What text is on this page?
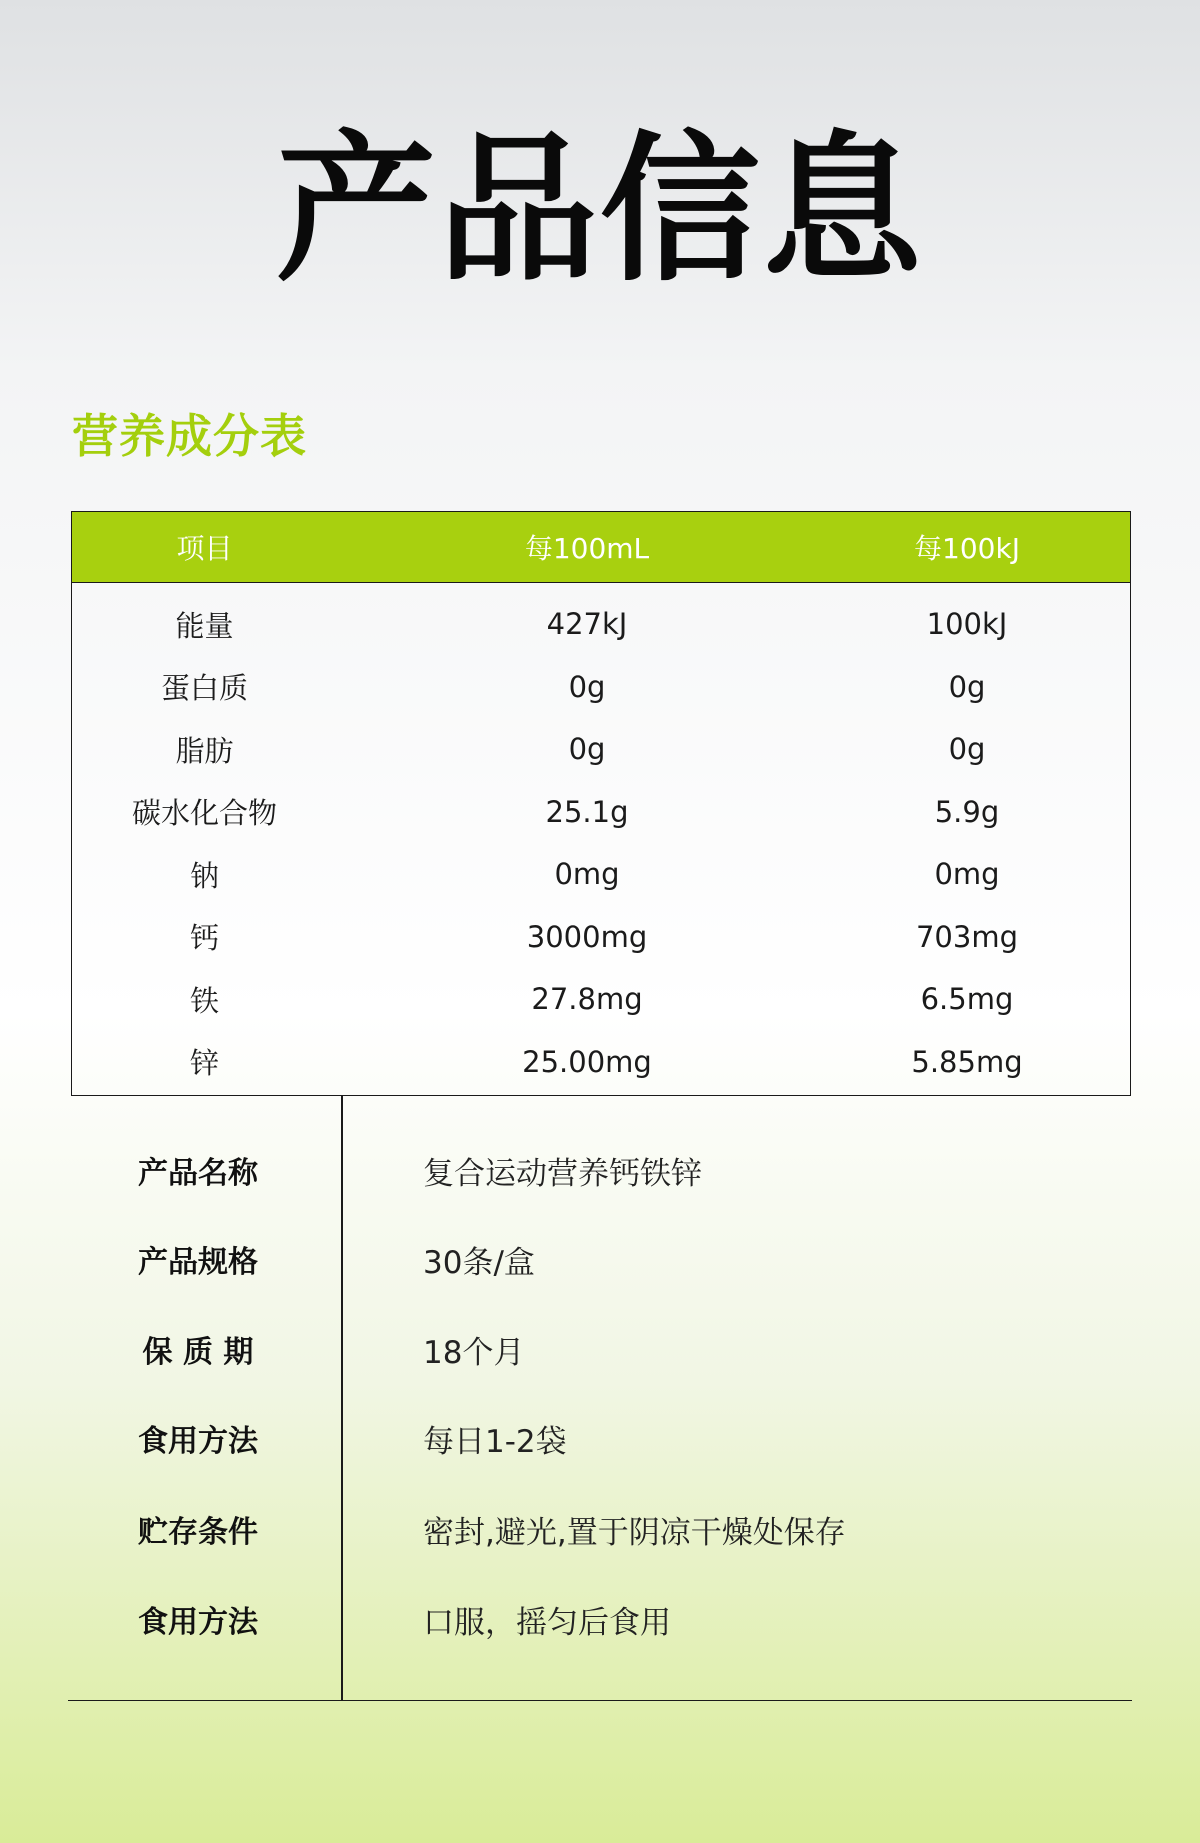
产品信息
营养成分表
项目	每100mL	每100kJ
能量	427kJ	100kJ
蛋白质	0g	0g
脂肪	0g	0g
碳水化合物	25.1g	5.9g
钠	0mg	0mg
钙	3000mg	703mg
铁	27.8mg	6.5mg
锌	25.00mg	5.85mg
产品名称	复合运动营养钙铁锌
产品规格	30条/盒
保 质 期	18个月
食用方法	每日1-2袋
贮存条件	密封,避光,置于阴凉干燥处保存
食用方法	口服，摇匀后食用
